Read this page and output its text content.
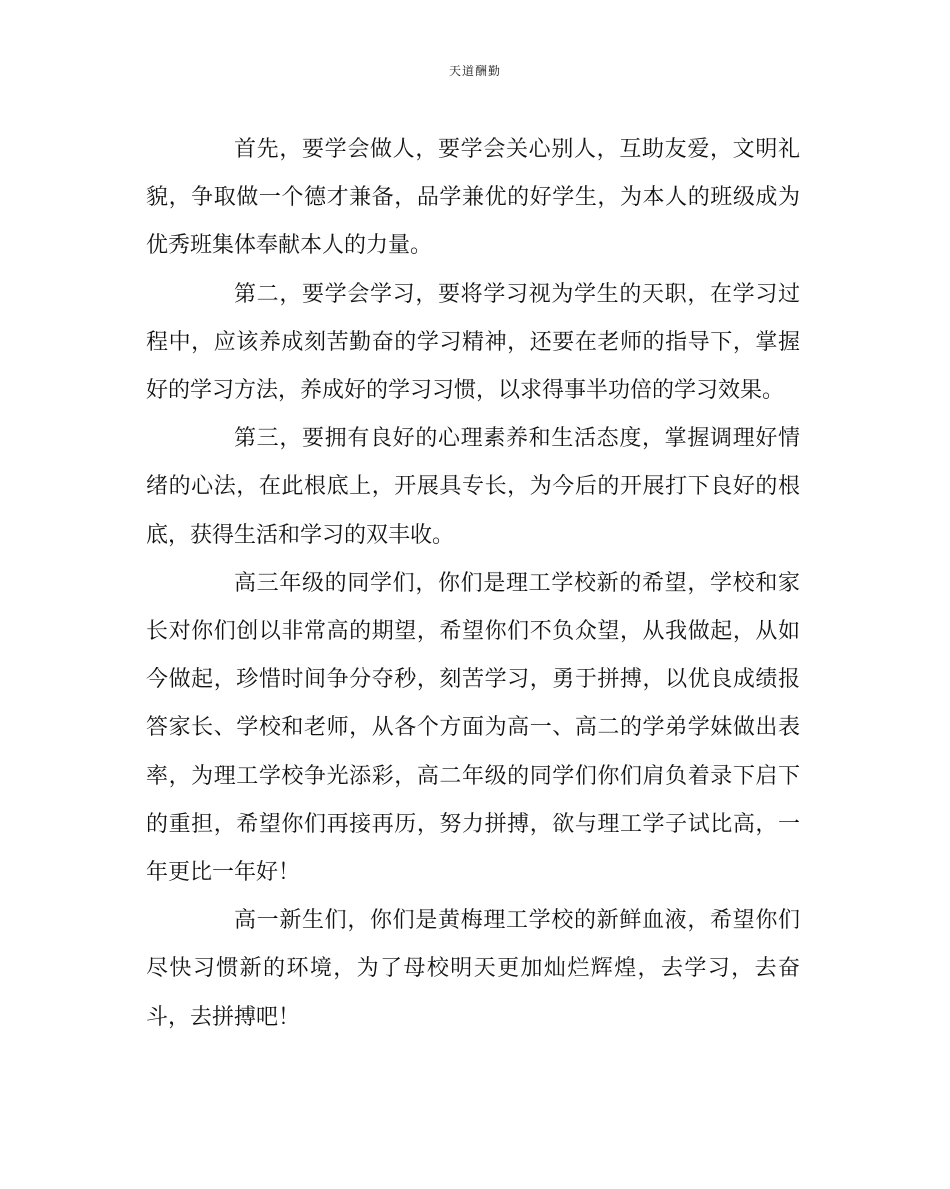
天道酬勤

首先，要学会做人，要学会关心别人，互助友爱，文明礼貌，争取做一个德才兼备，品学兼优的好学生，为本人的班级成为优秀班集体奉献本人的力量。

第二，要学会学习，要将学习视为学生的天职，在学习过程中，应该养成刻苦勤奋的学习精神，还要在老师的指导下，掌握好的学习方法，养成好的学习习惯，以求得事半功倍的学习效果。

第三，要拥有良好的心理素养和生活态度，掌握调理好情绪的心法，在此根底上，开展具专长，为今后的开展打下良好的根底，获得生活和学习的双丰收。

高三年级的同学们，你们是理工学校新的希望，学校和家长对你们创以非常高的期望，希望你们不负众望，从我做起，从如今做起，珍惜时间争分夺秒，刻苦学习，勇于拼搏，以优良成绩报答家长、学校和老师，从各个方面为高一、高二的学弟学妹做出表率，为理工学校争光添彩，高二年级的同学们你们肩负着录下启下的重担，希望你们再接再历，努力拼搏，欲与理工学子试比高，一年更比一年好！

高一新生们，你们是黄梅理工学校的新鲜血液，希望你们尽快习惯新的环境，为了母校明天更加灿烂辉煌，去学习，去奋斗，去拼搏吧！
